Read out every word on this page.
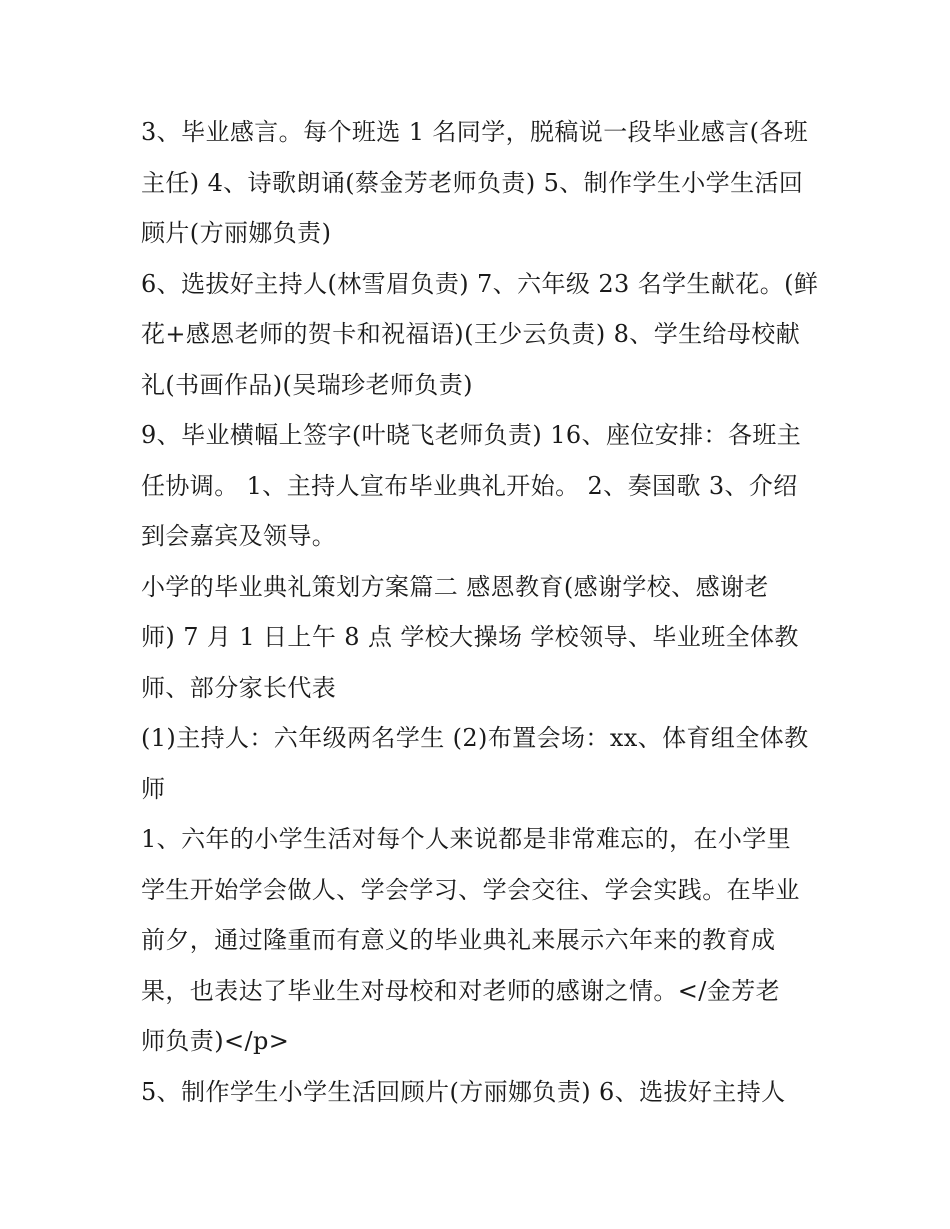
3、毕业感言。每个班选 1 名同学，脱稿说一段毕业感言(各班
主任) 4、诗歌朗诵(蔡金芳老师负责) 5、制作学生小学生活回
顾片(方丽娜负责)
6、选拔好主持人(林雪眉负责) 7、六年级 23 名学生献花。(鲜
花+感恩老师的贺卡和祝福语)(王少云负责) 8、学生给母校献
礼(书画作品)(吴瑞珍老师负责)
9、毕业横幅上签字(叶晓飞老师负责) 16、座位安排：各班主
任协调。 1、主持人宣布毕业典礼开始。 2、奏国歌 3、介绍
到会嘉宾及领导。
小学的毕业典礼策划方案篇二 感恩教育(感谢学校、感谢老
师) 7 月 1 日上午 8 点 学校大操场 学校领导、毕业班全体教
师、部分家长代表
(1)主持人：六年级两名学生 (2)布置会场：xx、体育组全体教
师
1、六年的小学生活对每个人来说都是非常难忘的，在小学里
学生开始学会做人、学会学习、学会交往、学会实践。在毕业
前夕，通过隆重而有意义的毕业典礼来展示六年来的教育成
果，也表达了毕业生对母校和对老师的感谢之情。</金芳老
师负责)</p>
5、制作学生小学生活回顾片(方丽娜负责) 6、选拔好主持人
